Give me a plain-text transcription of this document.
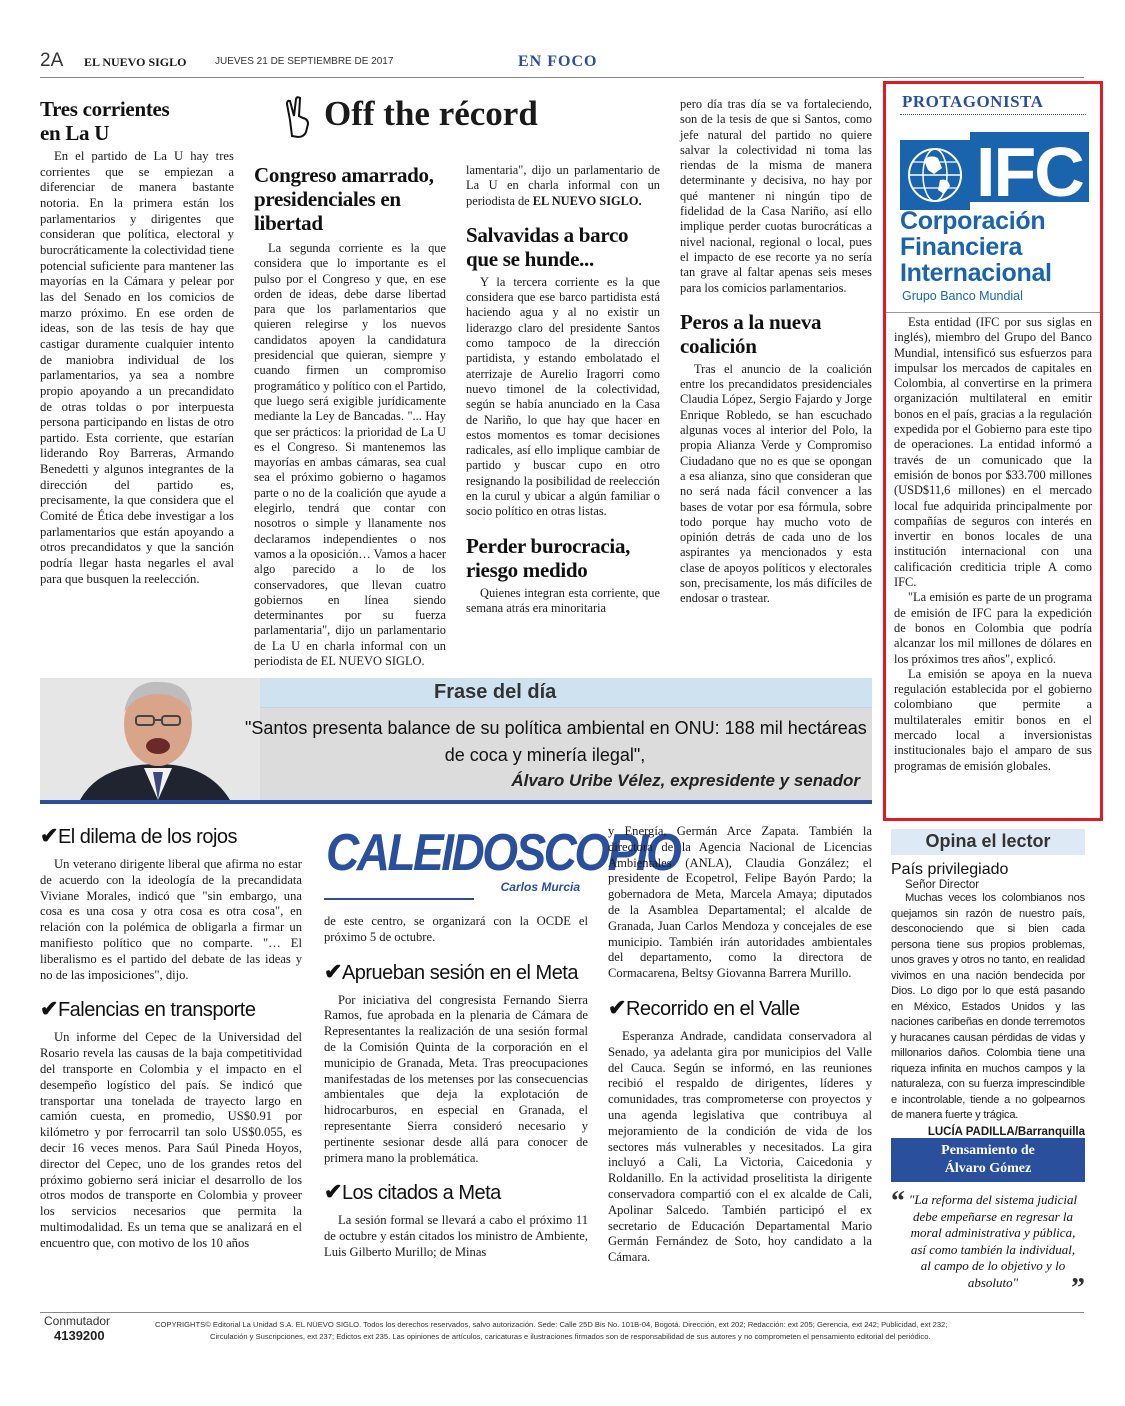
2A EL NUEVO SIGLO	JUEVES 21 DE SEPTIEMBRE DE 2017	EN FOCO
Off the récord
Tres corrientes
en La U

En el partido de La U hay tres corrientes que se empiezan a diferenciar de manera bastante notoria. En la primera están los parlamentarios y dirigentes que consideran que política, electoral y burocráticamente la colectividad tiene potencial suficiente para mantener las mayorías en la Cámara y pelear por las del Senado en los comicios de marzo próximo. En ese orden de ideas, son de las tesis de hay que castigar duramente cualquier intento de maniobra individual de los parlamentarios, ya sea a nombre propio apoyando a un precandidato de otras toldas o por interpuesta persona participando en listas de otro partido. Esta corriente, que estarían liderando Roy Barreras, Armando Benedetti y algunos integrantes de la dirección del partido es, precisamente, la que considera que el Comité de Ética debe investigar a los parlamentarios que están apoyando a otros precandidatos y que la sanción podría llegar hasta negarles el aval para que busquen la reelección.

Congreso amarrado,
presidenciales en
libertad

La segunda corriente es la que considera que lo importante es el pulso por el Congreso y que, en ese orden de ideas, debe darse libertad para que los parlamentarios que quieren relegirse y los nuevos candidatos apoyen la candidatura presidencial que quieran, siempre y cuando firmen un compromiso programático y político con el Partido, que luego será exigible jurídicamente mediante la Ley de Bancadas. "... Hay que ser prácticos: la prioridad de La U es el Congreso. Si mantenemos las mayorías en ambas cámaras, sea cual sea el próximo gobierno o hagamos parte o no de la coalición que ayude a elegirlo, tendrá que contar con nosotros o simple y llanamente nos declaramos independientes o nos vamos a la oposición… Vamos a hacer algo parecido a lo de los conservadores, que llevan cuatro gobiernos en línea siendo determinantes por su fuerza parlamentaria", dijo un parlamentario de La U en charla informal con un periodista de EL NUEVO SIGLO.

lamentaria", dijo un parlamentario de La U en charla informal con un periodista de EL NUEVO SIGLO.

Salvavidas a barco
que se hunde...

Y la tercera corriente es la que considera que ese barco partidista está haciendo agua y al no existir un liderazgo claro del presidente Santos como tampoco de la dirección partidista, y estando embolatado el aterrizaje de Aurelio Iragorri como nuevo timonel de la colectividad, según se había anunciado en la Casa de Nariño, lo que hay que hacer en estos momentos es tomar decisiones radicales, así ello implique cambiar de partido y buscar cupo en otro resignando la posibilidad de reelección en la curul y ubicar a algún familiar o socio político en otras listas.

Perder burocracia,
riesgo medido

Quienes integran esta corriente, que semana atrás era minoritaria

pero día tras día se va fortaleciendo, son de la tesis de que si Santos, como jefe natural del partido no quiere salvar la colectividad ni toma las riendas de la misma de manera determinante y decisiva, no hay por qué mantener ni ningún tipo de fidelidad de la Casa Nariño, así ello implique perder cuotas burocráticas a nivel nacional, regional o local, pues el impacto de ese recorte ya no sería tan grave al faltar apenas seis meses para los comicios parlamentarios.

Peros a la nueva
coalición

Tras el anuncio de la coalición entre los precandidatos presidenciales Claudia López, Sergio Fajardo y Jorge Enrique Robledo, se han escuchado algunas voces al interior del Polo, la propia Alianza Verde y Compromiso Ciudadano que no es que se opongan a esa alianza, sino que consideran que no será nada fácil convencer a las bases de votar por esa fórmula, sobre todo porque hay mucho voto de opinión detrás de cada uno de los aspirantes ya mencionados y esta clase de apoyos políticos y electorales son, precisamente, los más difíciles de endosar o trastear.

PROTAGONISTA
IFC
Corporación
Financiera
Internacional
Grupo Banco Mundial

Esta entidad (IFC por sus siglas en inglés), miembro del Grupo del Banco Mundial, intensificó sus esfuerzos para impulsar los mercados de capitales en Colombia, al convertirse en la primera organización multilateral en emitir bonos en el país, gracias a la regulación expedida por el Gobierno para este tipo de operaciones. La entidad informó a través de un comunicado que la emisión de bonos por $33.700 millones (USD$11,6 millones) en el mercado local fue adquirida principalmente por compañías de seguros con interés en invertir en bonos locales de una institución internacional con una calificación crediticia triple A como IFC.

"La emisión es parte de un programa de emisión de IFC para la expedición de bonos en Colombia que podría alcanzar los mil millones de dólares en los próximos tres años", explicó.

La emisión se apoya en la nueva regulación establecida por el gobierno colombiano que permite a multilaterales emitir bonos en el mercado local a inversionistas institucionales bajo el amparo de sus programas de emisión globales.

Frase del día
"Santos presenta balance de su política ambiental en ONU: 188 mil hectáreas
de coca y minería ilegal",
Álvaro Uribe Vélez, expresidente y senador
✔El dilema de los rojos

Un veterano dirigente liberal que afirma no estar de acuerdo con la ideología de la precandidata Viviane Morales, indicó que "sin embargo, una cosa es una cosa y otra cosa es otra cosa", en relación con la polémica de obligarla a firmar un manifiesto político que no comparte. "… El liberalismo es el partido del debate de las ideas y no de las imposiciones", dijo.

✔Falencias en transporte

Un informe del Cepec de la Universidad del Rosario revela las causas de la baja competitividad del transporte en Colombia y el impacto en el desempeño logístico del país. Se indicó que transportar una tonelada de trayecto largo en camión cuesta, en promedio, US$0.91 por kilómetro y por ferrocarril tan solo US$0.055, es decir 16 veces menos. Para Saúl Pineda Hoyos, director del Cepec, uno de los grandes retos del próximo gobierno será iniciar el desarrollo de los otros modos de transporte en Colombia y proveer los servicios necesarios que permita la multimodalidad. Es un tema que se analizará en el encuentro que, con motivo de los 10 años

CALEIDOSCOPIO
Carlos Murcia

de este centro, se organizará con la OCDE el próximo 5 de octubre.

✔Aprueban sesión en el Meta

Por iniciativa del congresista Fernando Sierra Ramos, fue aprobada en la plenaria de Cámara de Representantes la realización de una sesión formal de la Comisión Quinta de la corporación en el municipio de Granada, Meta. Tras preocupaciones manifestadas de los metenses por las consecuencias ambientales que deja la explotación de hidrocarburos, en especial en Granada, el representante Sierra consideró necesario y pertinente sesionar desde allá para conocer de primera mano la problemática.

✔Los citados a Meta

La sesión formal se llevará a cabo el próximo 11 de octubre y están citados los ministro de Ambiente, Luis Gilberto Murillo; de Minas

y Energía, Germán Arce Zapata. También la directora de la Agencia Nacional de Licencias Ambientales (ANLA), Claudia González; el presidente de Ecopetrol, Felipe Bayón Pardo; la gobernadora de Meta, Marcela Amaya; diputados de la Asamblea Departamental; el alcalde de Granada, Juan Carlos Mendoza y concejales de ese municipio. También irán autoridades ambientales del departamento, como la directora de Cormacarena, Beltsy Giovanna Barrera Murillo.

✔Recorrido en el Valle

Esperanza Andrade, candidata conservadora al Senado, ya adelanta gira por municipios del Valle del Cauca. Según se informó, en las reuniones recibió el respaldo de dirigentes, líderes y comunidades, tras comprometerse con proyectos y una agenda legislativa que contribuya al mejoramiento de la condición de vida de los sectores más vulnerables y necesitados. La gira incluyó a Cali, La Victoria, Caicedonia y Roldanillo. En la actividad proselitista la dirigente conservadora compartió con el ex alcalde de Cali, Apolinar Salcedo. También participó el ex secretario de Educación Departamental Mario Germán Fernández de Soto, hoy candidato a la Cámara.

Opina el lector
País privilegiado
Señor Director

Muchas veces los colombianos nos quejamos sin razón de nuestro país, desconociendo que si bien cada persona tiene sus propios problemas, unos graves y otros no tanto, en realidad vivimos en una nación bendecida por Dios. Lo digo por lo que está pasando en México, Estados Unidos y las naciones caribeñas en donde terremotos y huracanes causan pérdidas de vidas y millonarios daños. Colombia tiene una riqueza infinita en muchos campos y la naturaleza, con su fuerza imprescindible e incontrolable, tiende a no golpearnos de manera fuerte y trágica.

LUCÍA PADILLA/Barranquilla
Pensamiento de
Álvaro Gómez
“ "La reforma del sistema judicial debe empeñarse en regresar la moral administrativa y pública, así como también la individual, al campo de lo objetivo y lo absoluto"	”
Conmutador
4139200
COPYRIGHTS© Editorial La Unidad S.A. EL NUEVO SIGLO. Todos los derechos reservados, salvo autorización. Sede: Calle 25D Bis No. 101B-04, Bogotá. Dirección, ext 202; Redacción: ext 205; Gerencia, ext 242; Publicidad, ext 232;
Circulación y Suscripciones, ext 237; Edictos ext 235. Las opiniones de artículos, caricaturas e ilustraciones firmados son de responsabilidad de sus autores y no comprometen el pensamiento editorial del periódico.
